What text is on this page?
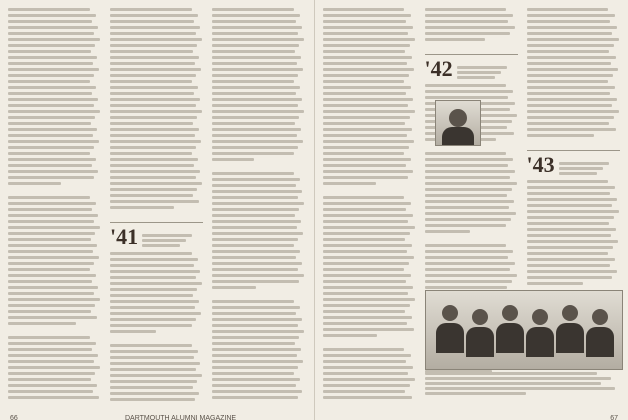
'41
66	DARTMOUTH ALUMNI MAGAZINE
'42
'43
67
